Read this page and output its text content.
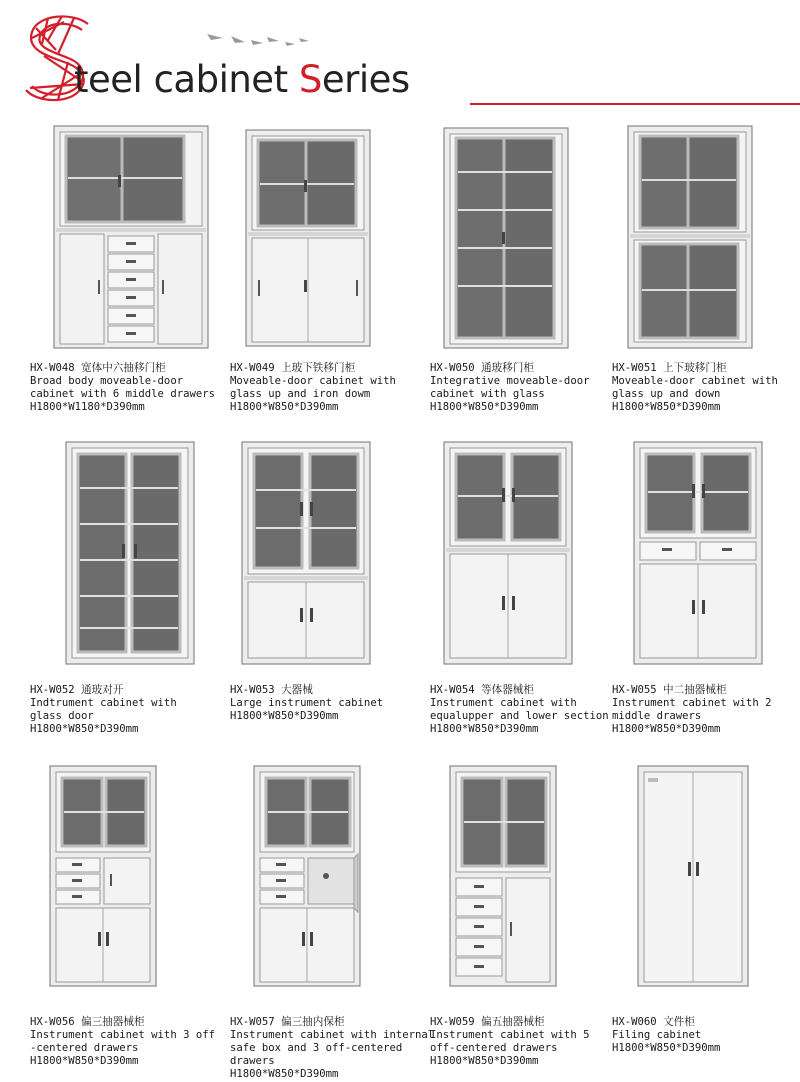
teel cabinet Series
HX-W048 宽体中六抽移门柜
Broad body moveable-door
cabinet with 6 middle drawers
H1800*W1180*D390mm
HX-W049 上玻下铁移门柜
Moveable-door cabinet with
glass up and iron dowm
H1800*W850*D390mm
HX-W050 通玻移门柜
Integrative moveable-door
cabinet with glass
H1800*W850*D390mm
HX-W051 上下玻移门柜
Moveable-door cabinet with
glass up and down
H1800*W850*D390mm
HX-W052 通玻对开
Indtrument cabinet with
glass door
H1800*W850*D390mm
HX-W053 大器械
Large instrument cabinet
H1800*W850*D390mm
HX-W054 等体器械柜
Instrument cabinet with
equalupper and lower section
H1800*W850*D390mm
HX-W055 中二抽器械柜
Instrument cabinet with 2
middle drawers
H1800*W850*D390mm
HX-W056 偏三抽器械柜
Instrument cabinet with 3 off
-centered drawers
H1800*W850*D390mm
HX-W057 偏三抽内保柜
Instrument cabinet with internal
safe box and 3 off-centered
drawers
H1800*W850*D390mm
HX-W059 偏五抽器械柜
Instrument cabinet with 5
off-centered drawers
H1800*W850*D390mm
HX-W060 文件柜
Filing cabinet
H1800*W850*D390mm
